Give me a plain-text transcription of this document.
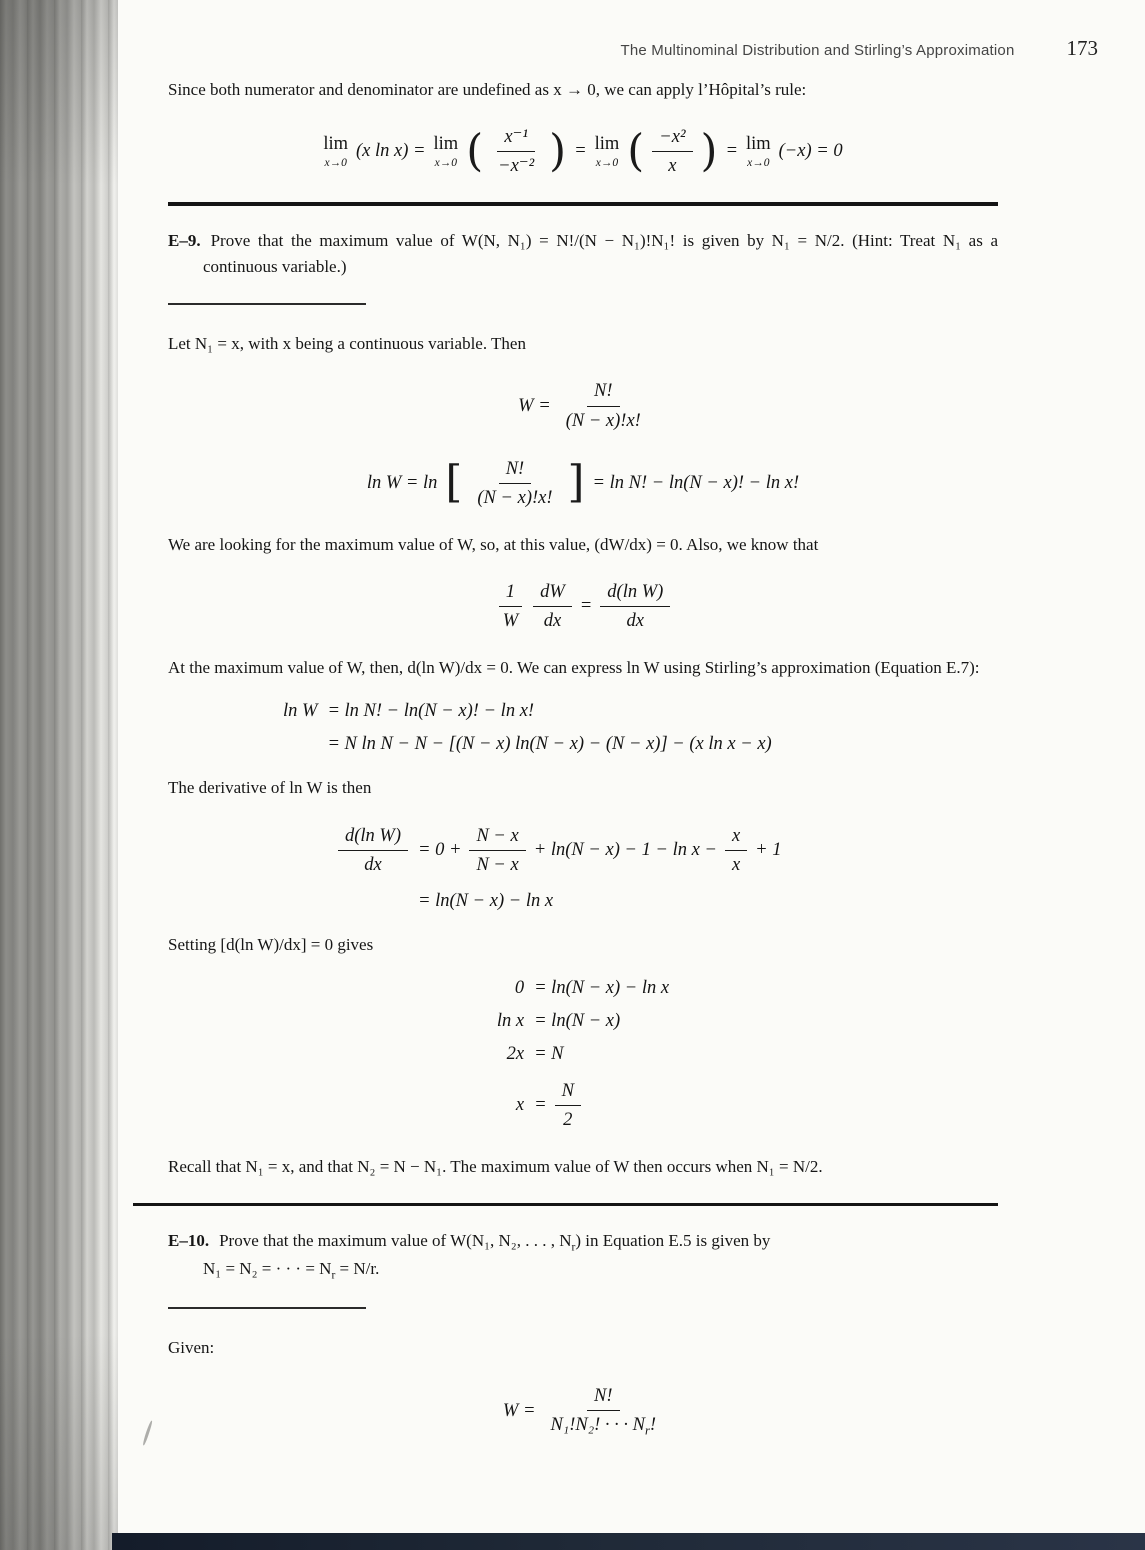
The Multinominal Distribution and Stirling’s Approximation 173

Since both numerator and denominator are undefined as x → 0, we can apply l’Hôpital’s rule:

lim
x→0
(x ln x) = lim
x→0 ( $\frac{\text{x⁻¹}}{\text{−x⁻²}}$ ) = lim
x→0 ( $\frac{\text{−x²}}{x}$ ) = lim
x→0
(−x) = 0

E–9. Prove that the maximum value of W(N, N₁) = N!/(N − N₁)!N₁! is given by N₁ = N/2. (Hint: Treat N₁ as a continuous variable.)

Let N₁ = x, with x being a continuous variable. Then

$W = \frac{N!}{(N - x)!x!}$
ln W = ln [ $\frac{N!}{(N - x)!x!}$ ] = ln N! − ln(N − x)! − ln x!

We are looking for the maximum value of W, so, at this value, (dW/dx) = 0. Also, we know that

$\frac{1}{W} \frac{dW}{dx} = \frac{\text{d(ln W)}}{dx}$

At the maximum value of W, then, d(ln W)/dx = 0. We can express ln W using Stirling’s approximation (Equation E.7):

ln W = ln N! − ln(N − x)! − ln x!
= N ln N − N − [(N − x) ln(N − x) − (N − x)] − (x ln x − x)

The derivative of ln W is then

$\frac{\text{d(ln W)}}{dx} = 0 + \frac{N - x}{N - x} + \ln(N - x) - 1 - \ln x - \frac{x}{x} + 1$
= ln(N − x) − ln x

Setting [d(ln W)/dx] = 0 gives

0 = ln(N − x) − ln x
ln x = ln(N − x)
2x = N
$x = \frac{N}{2}$

Recall that N₁ = x, and that N₂ = N − N₁. The maximum value of W then occurs when N₁ = N/2.

E–10. Prove that the maximum value of W(N₁, N₂, . . . , $N_r$) in Equation E.5 is given by
N₁ = N₂ = · · · = $N_r = N/r$.

Given:

$W = \frac{N!}{N_1!N_2! \cdot \cdot \cdot N_r!}$
